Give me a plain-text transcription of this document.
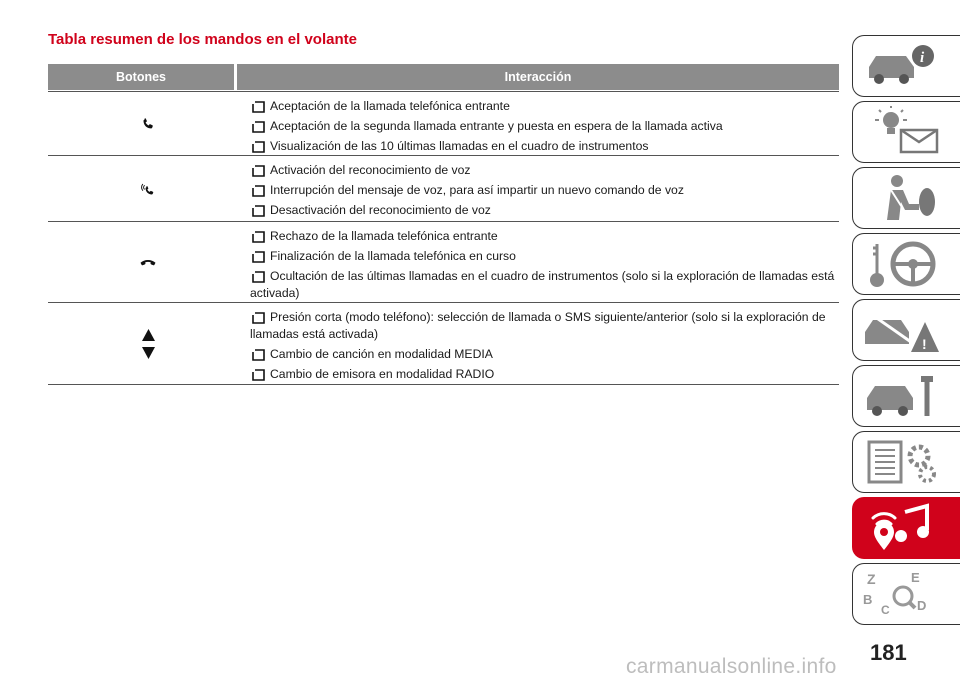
Tabla resumen de los mandos en el volante
Botones	Interacción
Aceptación de la llamada telefónica entrante
Aceptación de la segunda llamada entrante y puesta en espera de la llamada activa
Visualización de las 10 últimas llamadas en el cuadro de instrumentos
Activación del reconocimiento de voz
Interrupción del mensaje de voz, para así impartir un nuevo comando de voz
Desactivación del reconocimiento de voz
Rechazo de la llamada telefónica entrante
Finalización de la llamada telefónica en curso
Ocultación de las últimas llamadas en el cuadro de instrumentos (solo si la exploración de llamadas está activada)
Presión corta (modo teléfono): selección de llamada o SMS siguiente/anterior (solo si la exploración de llamadas está activada)
Cambio de canción en modalidad MEDIA
Cambio de emisora en modalidad RADIO
i
!
Z	E
B
C D
181
carmanualsonline.info
